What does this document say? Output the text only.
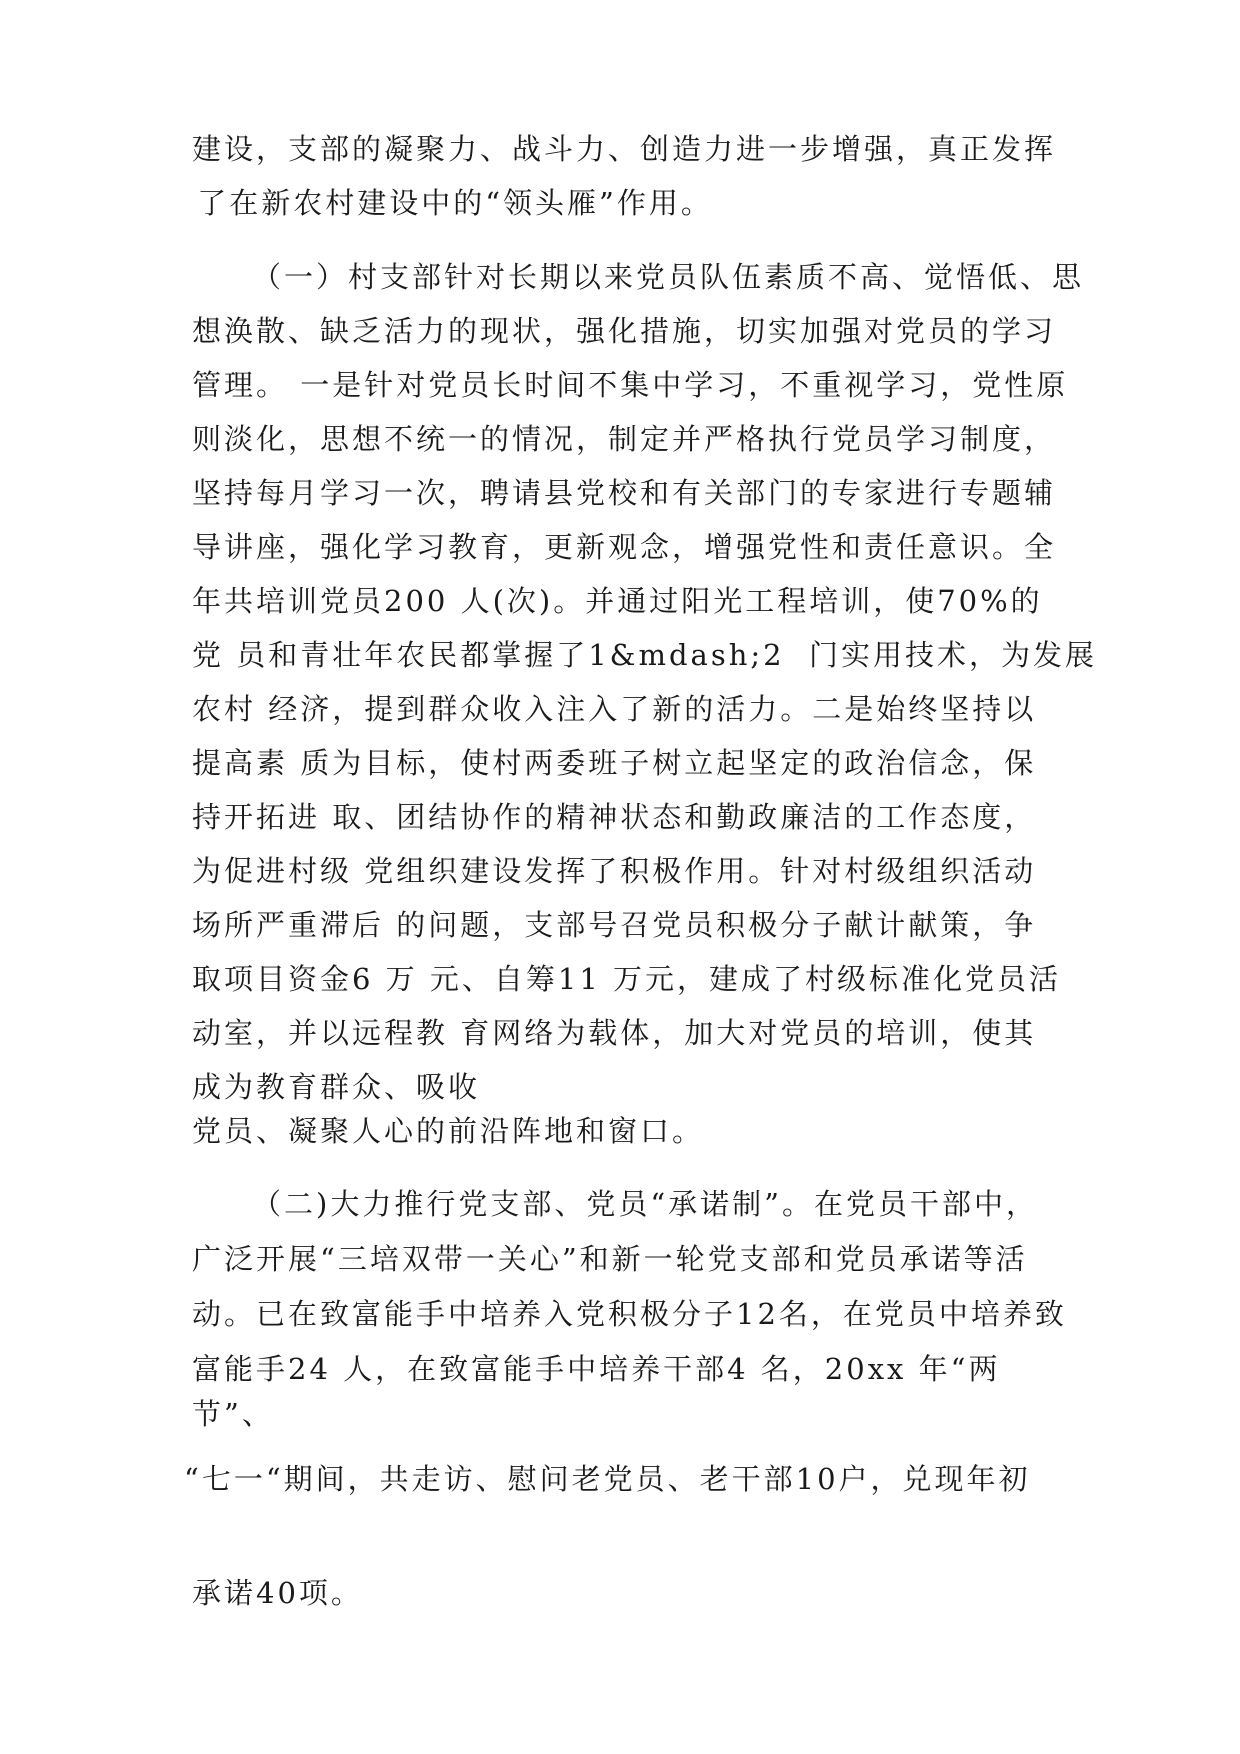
建设，支部的凝聚力、战斗力、创造力进一步增强，真正发挥
了在新农村建设中的“领头雁”作用。
（一）村支部针对长期以来党员队伍素质不高、觉悟低、思
想涣散、缺乏活力的现状，强化措施，切实加强对党员的学习
管理。 一是针对党员长时间不集中学习，不重视学习，党性原
则淡化，思想不统一的情况，制定并严格执行党员学习制度，
坚持每月学习一次，聘请县党校和有关部门的专家进行专题辅
导讲座，强化学习教育，更新观念，增强党性和责任意识。全
年共培训党员200 人(次)。并通过阳光工程培训，使70%的
党 员和青壮年农民都掌握了1&mdash;2  门实用技术，为发展
农村 经济，提到群众收入注入了新的活力。二是始终坚持以
提高素 质为目标，使村两委班子树立起坚定的政治信念，保
持开拓进 取、团结协作的精神状态和勤政廉洁的工作态度，
为促进村级 党组织建设发挥了积极作用。针对村级组织活动
场所严重滞后 的问题，支部号召党员积极分子献计献策，争
取项目资金6 万 元、自筹11 万元，建成了村级标准化党员活
动室，并以远程教 育网络为载体，加大对党员的培训，使其
成为教育群众、吸收
党员、凝聚人心的前沿阵地和窗口。
（二)大力推行党支部、党员“承诺制”。在党员干部中，
广泛开展“三培双带一关心”和新一轮党支部和党员承诺等活
动。已在致富能手中培养入党积极分子12名，在党员中培养致
富能手24 人，在致富能手中培养干部4 名，20xx 年“两
节”、
“七一“期间，共走访、慰问老党员、老干部10户，兑现年初
承诺40项。
